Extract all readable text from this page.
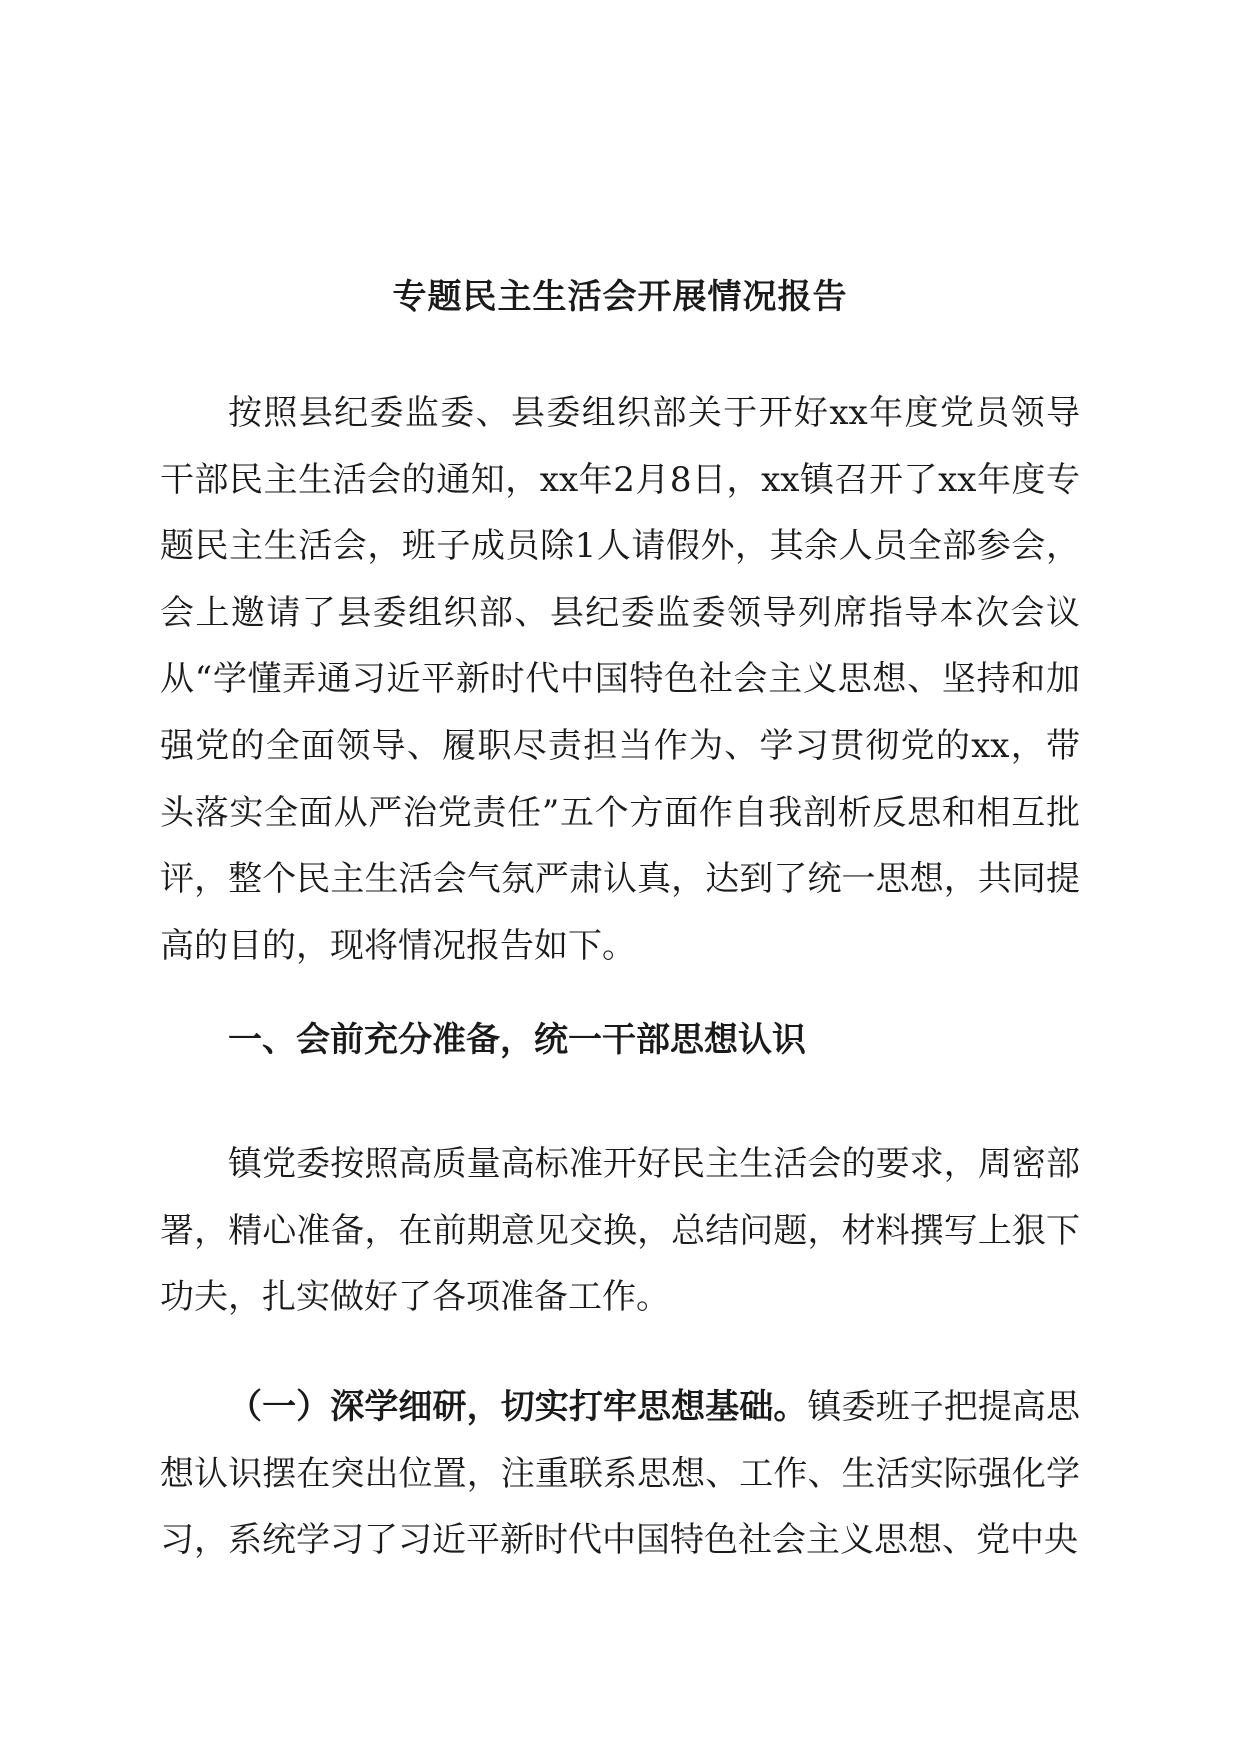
专题民主生活会开展情况报告

按照县纪委监委、县委组织部关于开好xx年度党员领导干部民主生活会的通知，xx年2月8日，xx镇召开了xx年度专题民主生活会，班子成员除1人请假外，其余人员全部参会，会上邀请了县委组织部、县纪委监委领导列席指导本次会议从“学懂弄通习近平新时代中国特色社会主义思想、坚持和加强党的全面领导、履职尽责担当作为、学习贯彻党的xx，带头落实全面从严治党责任”五个方面作自我剖析反思和相互批评，整个民主生活会气氛严肃认真，达到了统一思想，共同提高的目的，现将情况报告如下。

一、会前充分准备，统一干部思想认识

镇党委按照高质量高标准开好民主生活会的要求，周密部署，精心准备，在前期意见交换，总结问题，材料撰写上狠下功夫，扎实做好了各项准备工作。

（一）深学细研，切实打牢思想基础。镇委班子把提高思想认识摆在突出位置，注重联系思想、工作、生活实际强化学习，系统学习了习近平新时代中国特色社会主义思想、党中央
